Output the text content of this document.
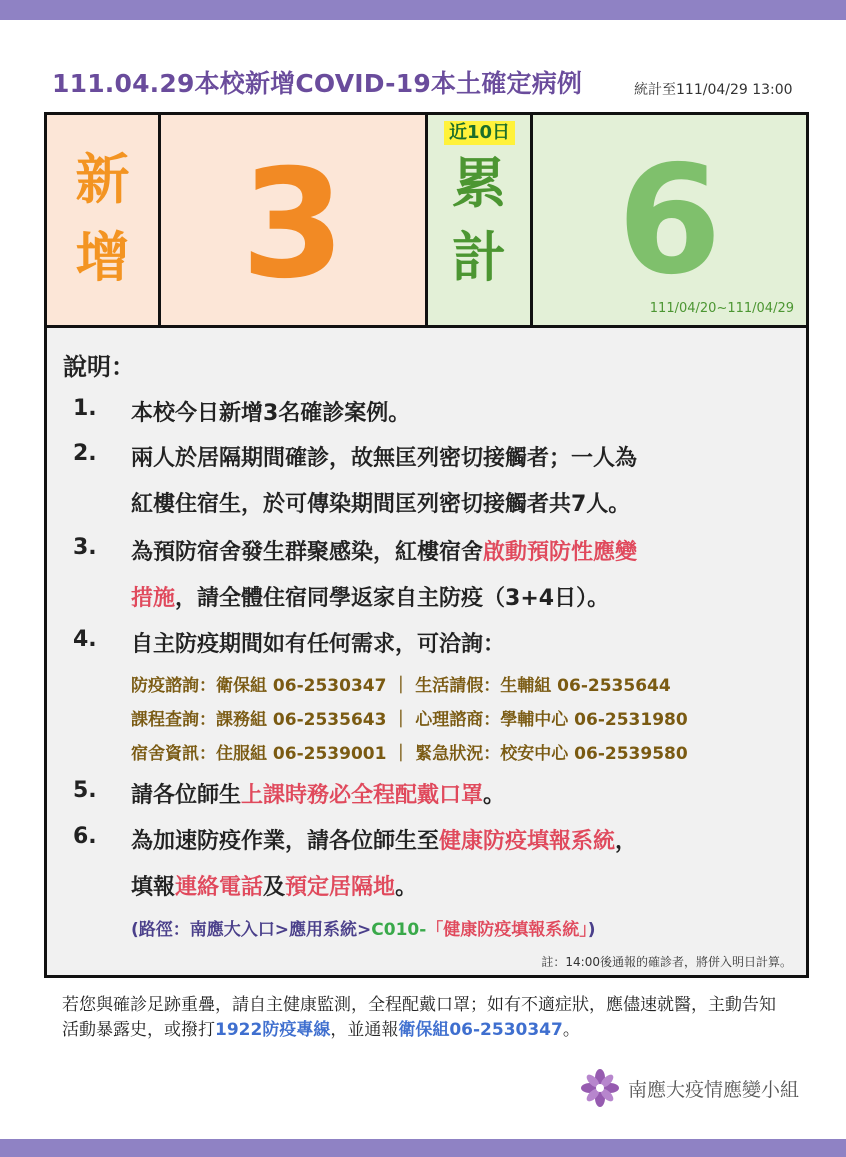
111.04.29本校新增COVID-19本土確定病例	統計至111/04/29 13:00
新
增 3
近10日
累
計 6
111/04/20~111/04/29
說明：
1. 本校今日新增3名確診案例。
2. 兩人於居隔期間確診，故無匡列密切接觸者；一人為
紅樓住宿生，於可傳染期間匡列密切接觸者共7人。
3. 為預防宿舍發生群聚感染，紅樓宿舍啟動預防性應變
措施，請全體住宿同學返家自主防疫（3+4日）。
4. 自主防疫期間如有任何需求，可洽詢：
防疫諮詢：衛保組 06-2530347 ｜ 生活請假：生輔組 06-2535644
課程查詢：課務組 06-2535643 ｜ 心理諮商：學輔中心 06-2531980
宿舍資訊：住服組 06-2539001 ｜ 緊急狀況：校安中心 06-2539580
5. 請各位師生上課時務必全程配戴口罩。
6. 為加速防疫作業，請各位師生至健康防疫填報系統，
填報連絡電話及預定居隔地。
(路徑：南應大入口>應用系統>C010-「健康防疫填報系統」)
註：14:00後通報的確診者，將併入明日計算。
若您與確診足跡重疊，請自主健康監測，全程配戴口罩；如有不適症狀，應儘速就醫，主動告知活動暴露史，或撥打1922防疫專線，並通報衛保組06-2530347。
南應大疫情應變小組
